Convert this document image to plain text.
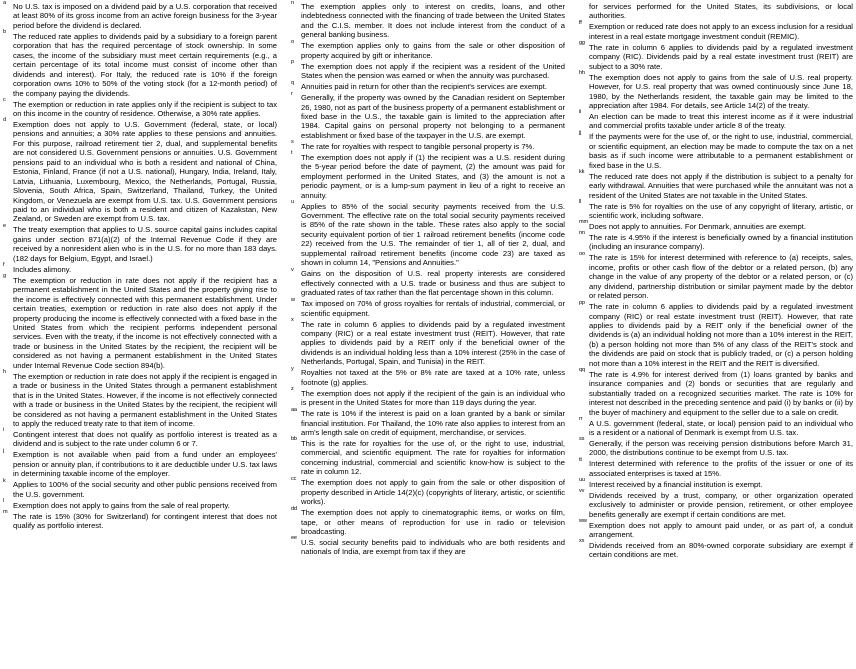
a No U.S. tax is imposed on a dividend paid by a U.S. corporation that received at least 80% of its gross income from an active foreign business for the 3-year period before the dividend is declared.
b The reduced rate applies to dividends paid by a subsidiary to a foreign parent corporation that has the required percentage of stock ownership. In some cases, the income of the subsidiary must meet certain requirements (e.g., a certain percentage of its total income must consist of income other than dividends and interest). For Italy, the reduced rate is 10% if the foreign corporation owns 10% to 50% of the voting stock (for a 12-month period) of the company paying the dividends.
c The exemption or reduction in rate applies only if the recipient is subject to tax on this income in the country of residence. Otherwise, a 30% rate applies.
d Exemption does not apply to U.S. Government (federal, state, or local) pensions and annuities; a 30% rate applies to these pensions and annuities. For this purpose, railroad retirement tier 2, dual, and supplemental benefits are not considered U.S. Government pensions or annuities. U.S. Government pensions paid to an individual who is both a resident and national of China, Estonia, Finland, France (if not a U.S. national), Hungary, India, Ireland, Italy, Latvia, Lithuania, Luxembourg, Mexico, the Netherlands, Portugal, Russia, Slovenia, South Africa, Spain, Switzerland, Thailand, Turkey, the United Kingdom, or Venezuela are exempt from U.S. tax. U.S. Government pensions paid to an individual who is both a resident and citizen of Kazakstan, New Zealand, or Sweden are exempt from U.S. tax.
e The treaty exemption that applies to U.S. source capital gains includes capital gains under section 871(a)(2) of the Internal Revenue Code if they are received by a nonresident alien who is in the U.S. for no more than 183 days. (182 days for Belgium, Egypt, and Israel.)
f Includes alimony.
g The exemption or reduction in rate does not apply if the recipient has a permanent establishment in the United States and the property giving rise to the income is effectively connected with this permanent establishment. Under certain treaties, exemption or reduction in rate also does not apply if the property producing the income is effectively connected with a fixed base in the United States from which the recipient performs independent personal services. Even with the treaty, if the income is not effectively connected with a trade or business in the United States by the recipient, the recipient will be considered as not having a permanent establishment in the United States under Internal Revenue Code section 894(b).
h The exemption or reduction in rate does not apply if the recipient is engaged in a trade or business in the United States through a permanent establishment that is in the United States. However, if the income is not effectively connected with a trade or business in the United States by the recipient, the recipient will be considered as not having a permanent establishment in the United States to apply the reduced treaty rate to that item of income.
i Contingent interest that does not qualify as portfolio interest is treated as a dividend and is subject to the rate under column 6 or 7.
j Exemption is not available when paid from a fund under an employees' pension or annuity plan, if contributions to it are deductible under U.S. tax laws in determining taxable income of the employer.
k Applies to 100% of the social security and other public pensions received from the U.S. government.
l Exemption does not apply to gains from the sale of real property.
m The rate is 15% (30% for Switzerland) for contingent interest that does not qualify as portfolio interest.
n The exemption applies only to interest on credits, loans, and other indebtedness connected with the financing of trade between the United States and the C.I.S. member. It does not include interest from the conduct of a general banking business.
o The exemption applies only to gains from the sale or other disposition of property acquired by gift or inheritance.
p The exemption does not apply if the recipient was a resident of the United States when the pension was earned or when the annuity was purchased.
q Annuities paid in return for other than the recipient's services are exempt.
r Generally, if the property was owned by the Canadian resident on September 26, 1980, not as part of the business property of a permanent establishment or fixed base in the U.S., the taxable gain is limited to the appreciation after 1984. Capital gains on personal property not belonging to a permanent establishment or fixed base of the taxpayer in the U.S. are exempt.
s The rate for royalties with respect to tangible personal property is 7%.
t The exemption does not apply if (1) the recipient was a U.S. resident during the 5-year period before the date of payment, (2) the amount was paid for employment performed in the United States, and (3) the amount is not a periodic payment, or is a lump-sum payment in lieu of a right to receive an annuity.
u Applies to 85% of the social security payments received from the U.S. Government. The effective rate on the total social security payments received is 85% of the rate shown in the table. These rates also apply to the social security equivalent portion of tier 1 railroad retirement benefits (income code 22) received from the U.S. The remainder of tier 1, all of tier 2, dual, and supplemental railroad retirement benefits (income code 23) are taxed as shown in column 14, "Pensions and Annuities."
v Gains on the disposition of U.S. real property interests are considered effectively connected with a U.S. trade or business and thus are subject to graduated rates of tax rather than the flat percentage shown in this column.
w Tax imposed on 70% of gross royalties for rentals of industrial, commercial, or scientific equipment.
x The rate in column 6 applies to dividends paid by a regulated investment company (RIC) or a real estate investment trust (REIT). However, that rate applies to dividends paid by a REIT only if the beneficial owner of the dividends is an individual holding less than a 10% interest (25% in the case of Netherlands, Portugal, Spain, and Tunisia) in the REIT.
y Royalties not taxed at the 5% or 8% rate are taxed at a 10% rate, unless footnote (g) applies.
z The exemption does not apply if the recipient of the gain is an individual who is present in the United States for more than 119 days during the year.
aa The rate is 10% if the interest is paid on a loan granted by a bank or similar financial institution. For Thailand, the 10% rate also applies to interest from an arm's length sale on credit of equipment, merchandise, or services.
bb This is the rate for royalties for the use of, or the right to use, industrial, commercial, and scientific equipment. The rate for royalties for information concerning industrial, commercial and scientific know-how is subject to the rate in column 12.
cc The exemption does not apply to gain from the sale or other disposition of property described in Article 14(2)(c) (copyrights of literary, artistic, or scientific works).
dd The exemption does not apply to cinematographic items, or works on film, tape, or other means of reproduction for use in radio or television broadcasting.
ee U.S. social security benefits paid to individuals who are both residents and nationals of India, are exempt from tax if they are
for services performed for the United States, its subdivisions, or local authorities.
ff Exemption or reduced rate does not apply to an excess inclusion for a residual interest in a real estate mortgage investment conduit (REMIC).
gg The rate in column 6 applies to dividends paid by a regulated investment company (RIC). Dividends paid by a real estate investment trust (REIT) are subject to a 30% rate.
hh The exemption does not apply to gains from the sale of U.S. real property. However, for U.S. real property that was owned continuously since June 18, 1980, by the Netherlands resident, the taxable gain may be limited to the appreciation after 1984. For details, see Article 14(2) of the treaty.
ii An election can be made to treat this interest income as if it were industrial and commercial profits taxable under article 8 of the treaty.
jj If the payments were for the use of, or the right to use, industrial, commercial, or scientific equipment, an election may be made to compute the tax on a net basis as if such income were attributable to a permanent establishment or fixed base in the U.S.
kk The reduced rate does not apply if the distribution is subject to a penalty for early withdrawal. Annuities that were purchased while the annuitant was not a resident of the United States are not taxable in the United States.
ll The rate is 5% for royalties on the use of any copyright of literary, artistic, or scientific work, including software.
mm Does not apply to annuities. For Denmark, annuities are exempt.
nn The rate is 4.95% if the interest is beneficially owned by a financial institution (including an insurance company).
oo The rate is 15% for interest determined with reference to (a) receipts, sales, income, profits or other cash flow of the debtor or a related person, (b) any change in the value of any property of the debtor or a related person, or (c) any dividend, partnership distribution or similar payment made by the debtor or related person.
pp The rate in column 6 applies to dividends paid by a regulated investment company (RIC) or real estate investment trust (REIT). However, that rate applies to dividends paid by a REIT only if the beneficial owner of the dividends is (a) an individual holding not more than a 10% interest in the REIT, (b) a person holding not more than 5% of any class of the REIT's stock and the dividends are paid on stock that is publicly traded, or (c) a person holding not more than a 10% interest in the REIT and the REIT is diversified.
qq The rate is 4.9% for interest derived from (1) loans granted by banks and insurance companies and (2) bonds or securities that are regularly and substantially traded on a recognized securities market. The rate is 10% for interest not described in the preceding sentence and paid (i) by banks or (ii) by the buyer of machinery and equipment to the seller due to a sale on credit.
rr A U.S. government (federal, state, or local) pension paid to an individual who is a resident or a national of Denmark is exempt from U.S. tax.
ss Generally, if the person was receiving pension distributions before March 31, 2000, the distributions continue to be exempt from U.S. tax.
tt Interest determined with reference to the profits of the issuer or one of its associated enterprises is taxed at 15%.
uu Interest received by a financial institution is exempt.
vv Dividends received by a trust, company, or other organization operated exclusively to administer or provide pension, retirement, or other employee benefits generally are exempt if certain conditions are met.
ww Exemption does not apply to amount paid under, or as part of, a conduit arrangement.
xx Dividends received from an 80%-owned corporate subsidiary are exempt if certain conditions are met.
